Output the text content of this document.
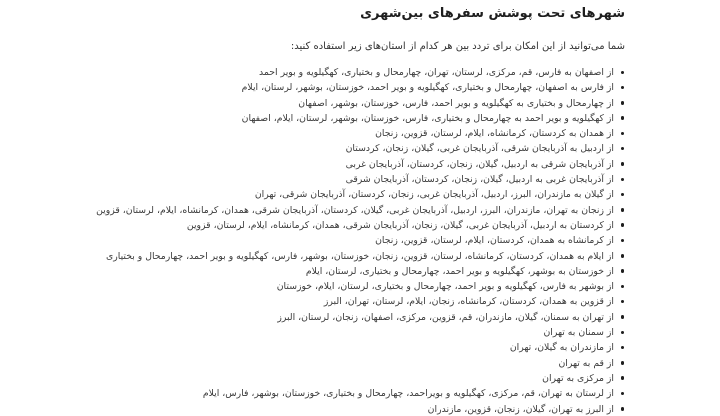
شهرهای تحت پوشش سفرهای بین‌شهری

شما می‌توانید از این امکان برای تردد بین هر کدام از استان‌های زیر استفاده کنید:

از اصفهان به فارس، قم، مرکزی، لرستان، تهران، چهارمحال و بختیاری، کهگیلویه و بویر احمد
از فارس به اصفهان، چهارمحال و بختیاری، کهگیلویه و بویر احمد، خوزستان، بوشهر، لرستان، ایلام
از چهارمحال و بختیاری به کهگیلویه و بویر احمد، فارس، خوزستان، بوشهر، اصفهان
از کهگیلویه و بویر احمد به چهارمحال و بختیاری، فارس، خوزستان، بوشهر، لرستان، ایلام، اصفهان
از همدان به کردستان، کرمانشاه، ایلام، لرستان، قزوین، زنجان
از اردبیل به آذربایجان شرقی، آذربایجان غربی، گیلان، زنجان، کردستان
از آذربایجان شرقی به اردبیل، گیلان، زنجان، کردستان، آذربایجان غربی
از آذربایجان غربی به اردبیل، گیلان، زنجان، کردستان، آذربایجان شرقی
از گیلان به مازندران، البرز، اردبیل، آذربایجان غربی، زنجان، کردستان، آذربایجان شرقی، تهران
از زنجان به تهران، مازندران، البرز، اردبیل، آذربایجان غربی، گیلان، کردستان، آذربایجان شرقی، همدان، کرمانشاه، ایلام، لرستان، قزوین
از کردستان به اردبیل، آذربایجان غربی، گیلان، زنجان، آذربایجان شرقی، همدان، کرمانشاه، ایلام، لرستان، قزوین
از کرمانشاه به همدان، کردستان، ایلام، لرستان، قزوین، زنجان
از ایلام به همدان، کردستان، کرمانشاه، لرستان، قزوین، زنجان، خوزستان، بوشهر، فارس، کهگیلویه و بویر احمد، چهارمحال و بختیاری
از خوزستان به بوشهر، کهگیلویه و بویر احمد، چهارمحال و بختیاری، لرستان، ایلام
از بوشهر به فارس، کهگیلویه و بویر احمد، چهارمحال و بختیاری، لرستان، ایلام، خوزستان
از قزوین به همدان، کردستان، کرمانشاه، زنجان، ایلام، لرستان، تهران، البرز
از تهران به سمنان، گیلان، مازندران، قم، قزوین، مرکزی، اصفهان، زنجان، لرستان، البرز
از سمنان به تهران
از مازندران به گیلان، تهران
از قم به تهران
از مرکزی به تهران
از لرستان به تهران، قم، مرکزی، کهگیلویه و بویراحمد، چهارمحال و بختیاری، خوزستان، بوشهر، فارس، ایلام
از البرز به تهران، گیلان، زنجان، قزوین، مازندران
